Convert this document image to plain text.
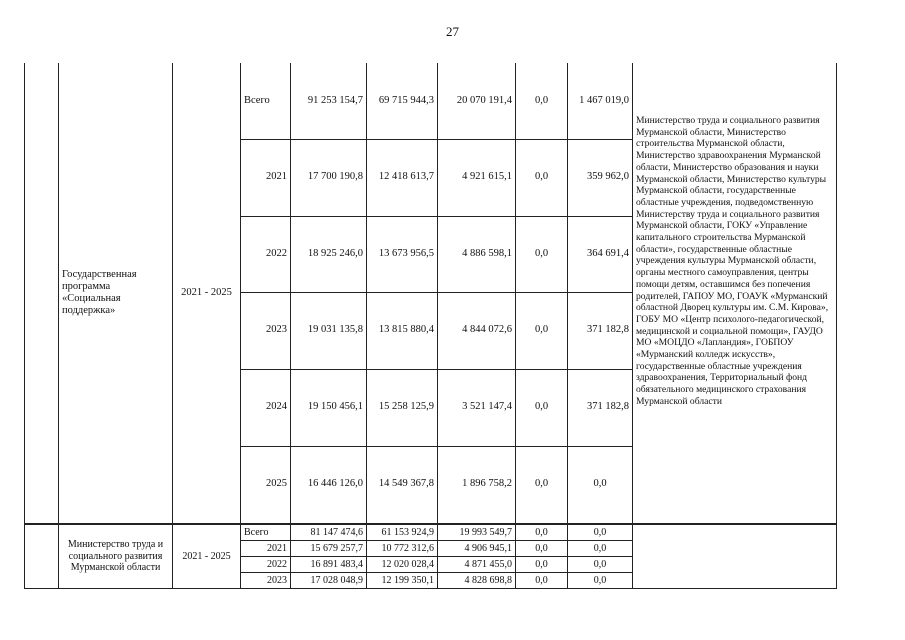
27
	Государственная программа «Социальная поддержка»	2021 - 2025	Всего	91 253 154,7	69 715 944,3	20 070 191,4	0,0	1 467 019,0	Министерство труда и социального развития Мурманской области, Министерство строительства Мурманской области, Министерство здравоохранения Мурманской области, Министерство образования и науки Мурманской области, Министерство культуры Мурманской области, государственные областные учреждения, подведомственную Министерству труда и социального развития Мурманской области, ГОКУ «Управление капитального строительства Мурманской области», государственные областные учреждения культуры Мурманской области, органы местного самоуправления, центры помощи детям, оставшимся без попечения родителей, ГАПОУ МО, ГОАУК «Мурманский областной Дворец культуры им. С.М. Кирова», ГОБУ МО «Центр психолого-педагогической, медицинской и социальной помощи», ГАУДО МО «МОЦДО «Лапландия», ГОБПОУ «Мурманский колледж искусств», государственные областные учреждения здравоохранения, Территориальный фонд обязательного медицинского страхования Мурманской области
			2021	17 700 190,8	12 418 613,7	4 921 615,1	0,0	359 962,0	
			2022	18 925 246,0	13 673 956,5	4 886 598,1	0,0	364 691,4	
			2023	19 031 135,8	13 815 880,4	4 844 072,6	0,0	371 182,8	
			2024	19 150 456,1	15 258 125,9	3 521 147,4	0,0	371 182,8	
			2025	16 446 126,0	14 549 367,8	1 896 758,2	0,0	0,0	
	Министерство труда и социального развития Мурманской области	2021 - 2025	Всего	81 147 474,6	61 153 924,9	19 993 549,7	0,0	0,0	
			2021	15 679 257,7	10 772 312,6	4 906 945,1	0,0	0,0	
			2022	16 891 483,4	12 020 028,4	4 871 455,0	0,0	0,0	
			2023	17 028 048,9	12 199 350,1	4 828 698,8	0,0	0,0	
